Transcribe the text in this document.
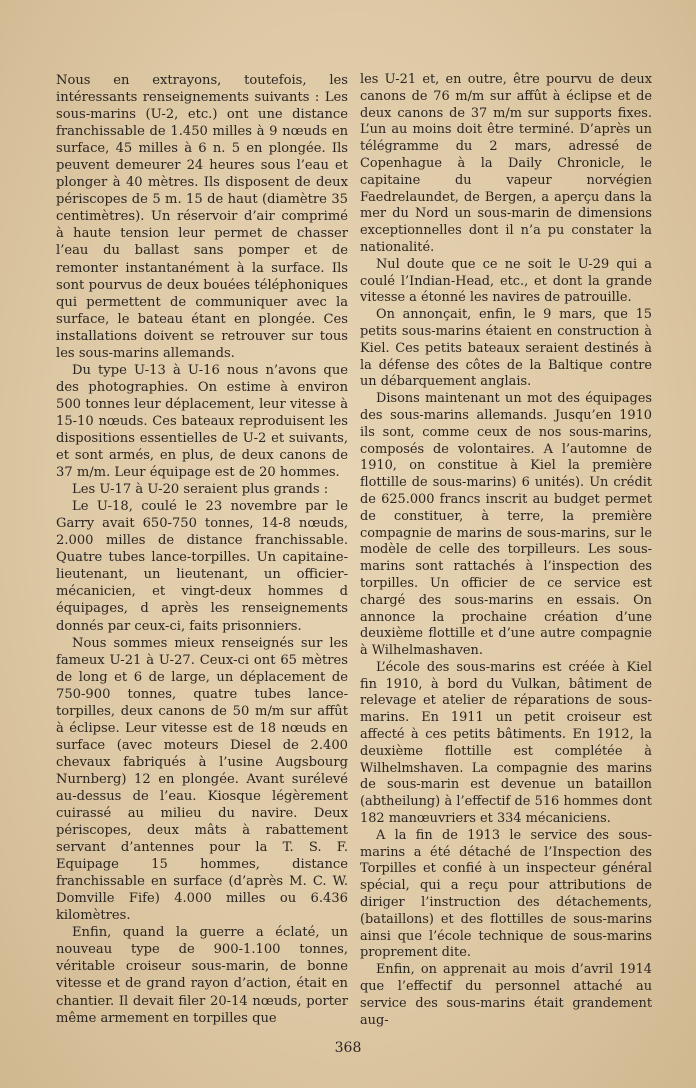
Nous en extrayons, toutefois, les intéressants renseignements suivants : Les sous-marins (U-2, etc.) ont une distance franchissable de 1.450 milles à 9 nœuds en surface, 45 milles à 6 n. 5 en plongée. Ils peuvent demeurer 24 heures sous l’eau et plonger à 40 mètres. Ils disposent de deux périscopes de 5 m. 15 de haut (diamètre 35 centimètres). Un réservoir d’air comprimé à haute tension leur permet de chasser l’eau du ballast sans pomper et de remonter instantanément à la surface. Ils sont pourvus de deux bouées téléphoniques qui permettent de communiquer avec la surface, le bateau étant en plongée. Ces installations doivent se retrouver sur tous les sous-marins allemands.

Du type U-13 à U-16 nous n’avons que des photographies. On estime à environ 500 tonnes leur déplacement, leur vitesse à 15-10 nœuds. Ces bateaux reproduisent les dispositions essentielles de U-2 et suivants, et sont armés, en plus, de deux canons de 37 m/m. Leur équipage est de 20 hommes.

Les U-17 à U-20 seraient plus grands :

Le U-18, coulé le 23 novembre par le Garry avait 650-750 tonnes, 14-8 nœuds, 2.000 milles de distance franchissable. Quatre tubes lance-torpilles. Un capitaine-lieutenant, un lieutenant, un officier-mécanicien, et vingt-deux hommes d équipages, d après les renseignements donnés par ceux-ci, faits prisonniers.

Nous sommes mieux renseignés sur les fameux U-21 à U-27. Ceux-ci ont 65 mètres de long et 6 de large, un déplacement de 750-900 tonnes, quatre tubes lance-torpilles, deux canons de 50 m/m sur affût à éclipse. Leur vitesse est de 18 nœuds en surface (avec moteurs Diesel de 2.400 chevaux fabriqués à l’usine Augsbourg Nurnberg) 12 en plongée. Avant surélevé au-dessus de l’eau. Kiosque légèrement cuirassé au milieu du navire. Deux périscopes, deux mâts à rabattement servant d’antennes pour la T. S. F. Equipage 15 hommes, distance franchissable en surface (d’après M. C. W. Domville Fife) 4.000 milles ou 6.436 kilomètres.

Enfin, quand la guerre a éclaté, un nouveau type de 900-1.100 tonnes, véritable croiseur sous-marin, de bonne vitesse et de grand rayon d’action, était en chantier. Il devait filer 20-14 nœuds, porter même armement en torpilles que

les U-21 et, en outre, être pourvu de deux canons de 76 m/m sur affût à éclipse et de deux canons de 37 m/m sur supports fixes. L’un au moins doit être terminé. D’après un télégramme du 2 mars, adressé de Copenhague à la Daily Chronicle, le capitaine du vapeur norvégien Faedrelaundet, de Bergen, a aperçu dans la mer du Nord un sous-marin de dimensions exceptionnelles dont il n’a pu constater la nationalité.

Nul doute que ce ne soit le U-29 qui a coulé l’Indian-Head, etc., et dont la grande vitesse a étonné les navires de patrouille.

On annonçait, enfin, le 9 mars, que 15 petits sous-marins étaient en construction à Kiel. Ces petits bateaux seraient destinés à la défense des côtes de la Baltique contre un débarquement anglais.

Disons maintenant un mot des équipages des sous-marins allemands. Jusqu’en 1910 ils sont, comme ceux de nos sous-marins, composés de volontaires. A l’automne de 1910, on constitue à Kiel la première flottille de sous-marins) 6 unités). Un crédit de 625.000 francs inscrit au budget permet de constituer, à terre, la première compagnie de marins de sous-marins, sur le modèle de celle des torpilleurs. Les sous-marins sont rattachés à l’inspection des torpilles. Un officier de ce service est chargé des sous-marins en essais. On annonce la prochaine création d’une deuxième flottille et d’une autre compagnie à Wilhelmashaven.

L’école des sous-marins est créée à Kiel fin 1910, à bord du Vulkan, bâtiment de relevage et atelier de réparations de sous-marins. En 1911 un petit croiseur est affecté à ces petits bâtiments. En 1912, la deuxième flottille est complétée à Wilhelmshaven. La compagnie des marins de sous-marin est devenue un bataillon (abtheilung) à l’effectif de 516 hommes dont 182 manœuvriers et 334 mécaniciens.

A la fin de 1913 le service des sous-marins a été détaché de l’Inspection des Torpilles et confié à un inspecteur général spécial, qui a reçu pour attributions de diriger l’instruction des détachements, (bataillons) et des flottilles de sous-marins ainsi que l’école technique de sous-marins proprement dite.

Enfin, on apprenait au mois d’avril 1914 que l’effectif du personnel attaché au service des sous-marins était grandement aug-

368
